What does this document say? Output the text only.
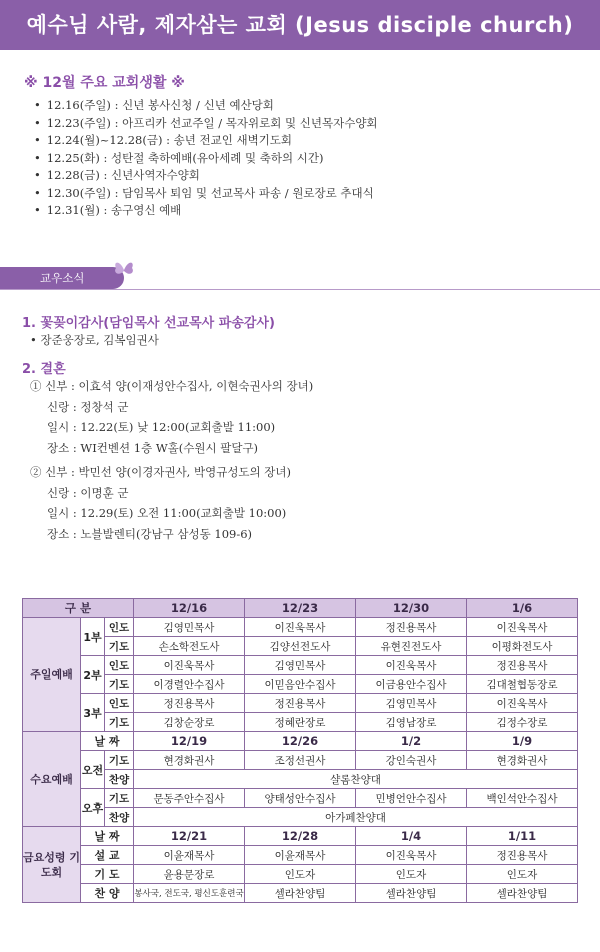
예수님 사람, 제자삼는 교회 (Jesus disciple church)
※ 12월 주요 교회생활 ※
• 12.16(주일) : 신년 봉사신청 / 신년 예산당회
• 12.23(주일) : 아프리카 선교주일 / 목자위로회 및 신년목자수양회
• 12.24(월)~12.28(금) : 송년 전교인 새벽기도회
• 12.25(화) : 성탄절 축하예배(유아세례 및 축하의 시간)
• 12.28(금) : 신년사역자수양회
• 12.30(주일) : 담임목사 퇴임 및 선교목사 파송 / 원로장로 추대식
• 12.31(월) : 송구영신 예배
교우소식
1. 꽃꽂이감사(담임목사 선교목사 파송감사)
• 장준웅장로, 김복임권사
2. 결혼
① 신부 : 이효석 양(이재성안수집사, 이현숙권사의 장녀)
신랑 : 정창석 군
일시 : 12.22(토) 낮 12:00(교회출발 11:00)
장소 : WI컨벤션 1층 W홀(수원시 팔달구)
② 신부 : 박민선 양(이경자권사, 박영규성도의 장녀)
신랑 : 이명훈 군
일시 : 12.29(토) 오전 11:00(교회출발 10:00)
장소 : 노블발렌티(강남구 삼성동 109-6)
구 분			12/16	12/23	12/30	1/6
주일예배	1부	인도	김영민목사	이진욱목사	정진용목사	이진욱목사
		기도	손소학전도사	김양선전도사	유현진전도사	이평화전도사
	2부	인도	이진욱목사	김영민목사	이진욱목사	정진용목사
		기도	이경렬안수집사	이믿음안수집사	이금용안수집사	김대철협동장로
	3부	인도	정진용목사	정진용목사	김영민목사	이진욱목사
		기도	김창순장로	정혜란장로	김영남장로	김정수장로
수요예배	날 짜		12/19	12/26	1/2	1/9
	오전	기도	현경화권사	조정선권사	강인숙권사	현경화권사
		찬양	샬롬찬양대			
	오후	기도	문동주안수집사	양태성안수집사	민병언안수집사	백인석안수집사
		찬양	아가페찬양대			
금요성령 기도회	날 짜		12/21	12/28	1/4	1/11
	설 교		이윤재목사	이윤재목사	이진욱목사	정진용목사
	기 도		윤용문장로	인도자	인도자	인도자
	찬 양		봉사국, 전도국, 평신도훈련국	셀라찬양팀	셀라찬양팀	셀라찬양팀
